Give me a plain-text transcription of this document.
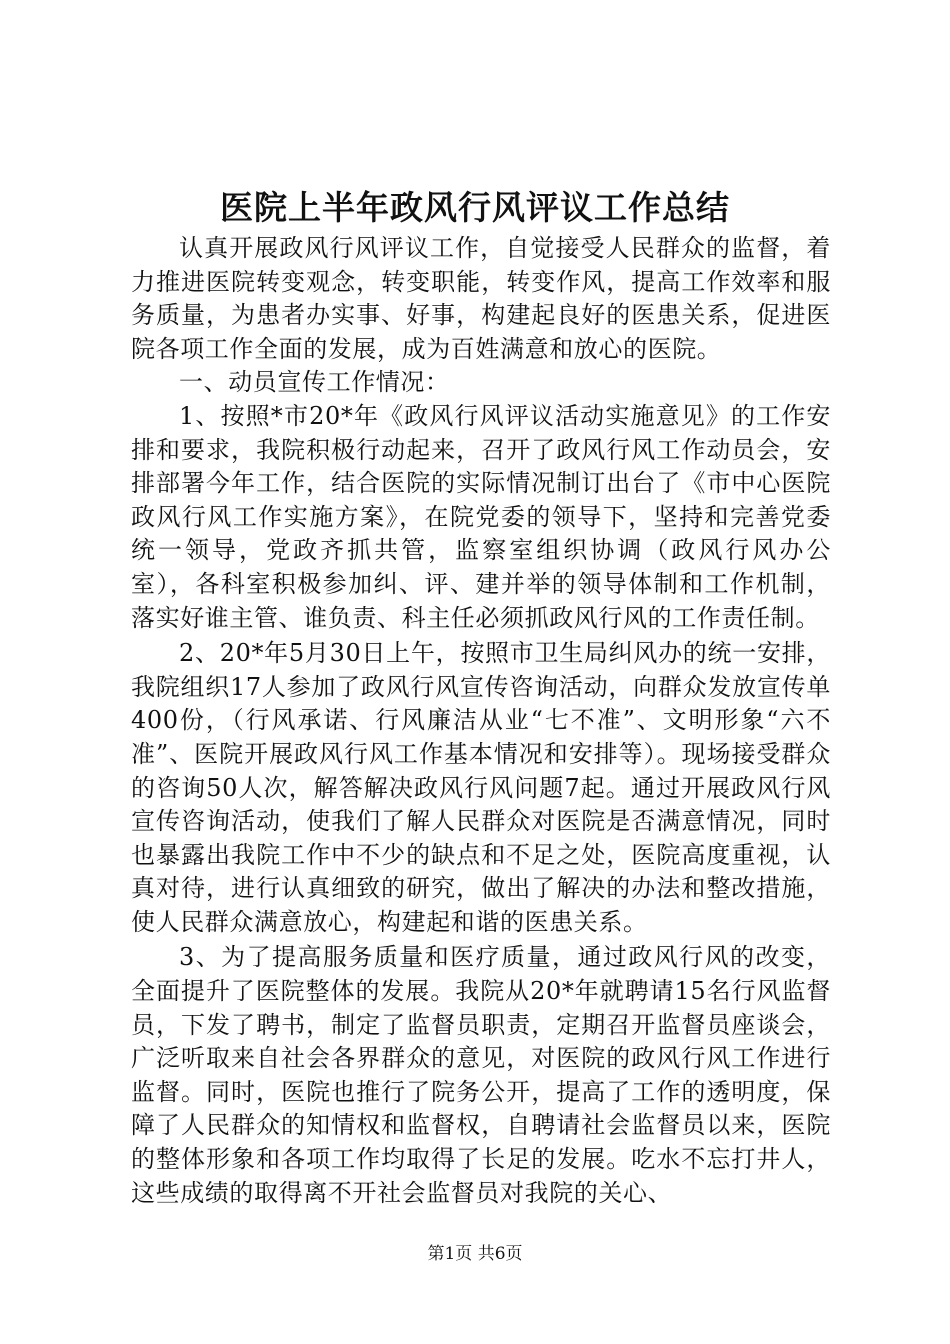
医院上半年政风行风评议工作总结

认真开展政风行风评议工作，自觉接受人民群众的监督，着力推进医院转变观念，转变职能，转变作风，提高工作效率和服务质量，为患者办实事、好事，构建起良好的医患关系，促进医院各项工作全面的发展，成为百姓满意和放心的医院。

一、动员宣传工作情况：

1、按照*市20*年《政风行风评议活动实施意见》的工作安排和要求，我院积极行动起来，召开了政风行风工作动员会，安排部署今年工作，结合医院的实际情况制订出台了《市中心医院政风行风工作实施方案》，在院党委的领导下，坚持和完善党委统一领导，党政齐抓共管，监察室组织协调（政风行风办公室），各科室积极参加纠、评、建并举的领导体制和工作机制，落实好谁主管、谁负责、科主任必须抓政风行风的工作责任制。

2、20*年5月30日上午，按照市卫生局纠风办的统一安排，我院组织17人参加了政风行风宣传咨询活动，向群众发放宣传单400份，（行风承诺、行风廉洁从业“七不准”、文明形象“六不准”、医院开展政风行风工作基本情况和安排等）。现场接受群众的咨询50人次，解答解决政风行风问题7起。通过开展政风行风宣传咨询活动，使我们了解人民群众对医院是否满意情况，同时也暴露出我院工作中不少的缺点和不足之处，医院高度重视，认真对待，进行认真细致的研究，做出了解决的办法和整改措施，使人民群众满意放心，构建起和谐的医患关系。

3、为了提高服务质量和医疗质量，通过政风行风的改变，全面提升了医院整体的发展。我院从20*年就聘请15名行风监督员，下发了聘书，制定了监督员职责，定期召开监督员座谈会，广泛听取来自社会各界群众的意见，对医院的政风行风工作进行监督。同时，医院也推行了院务公开，提高了工作的透明度，保障了人民群众的知情权和监督权，自聘请社会监督员以来，医院的整体形象和各项工作均取得了长足的发展。吃水不忘打井人，这些成绩的取得离不开社会监督员对我院的关心、

第1页 共6页
